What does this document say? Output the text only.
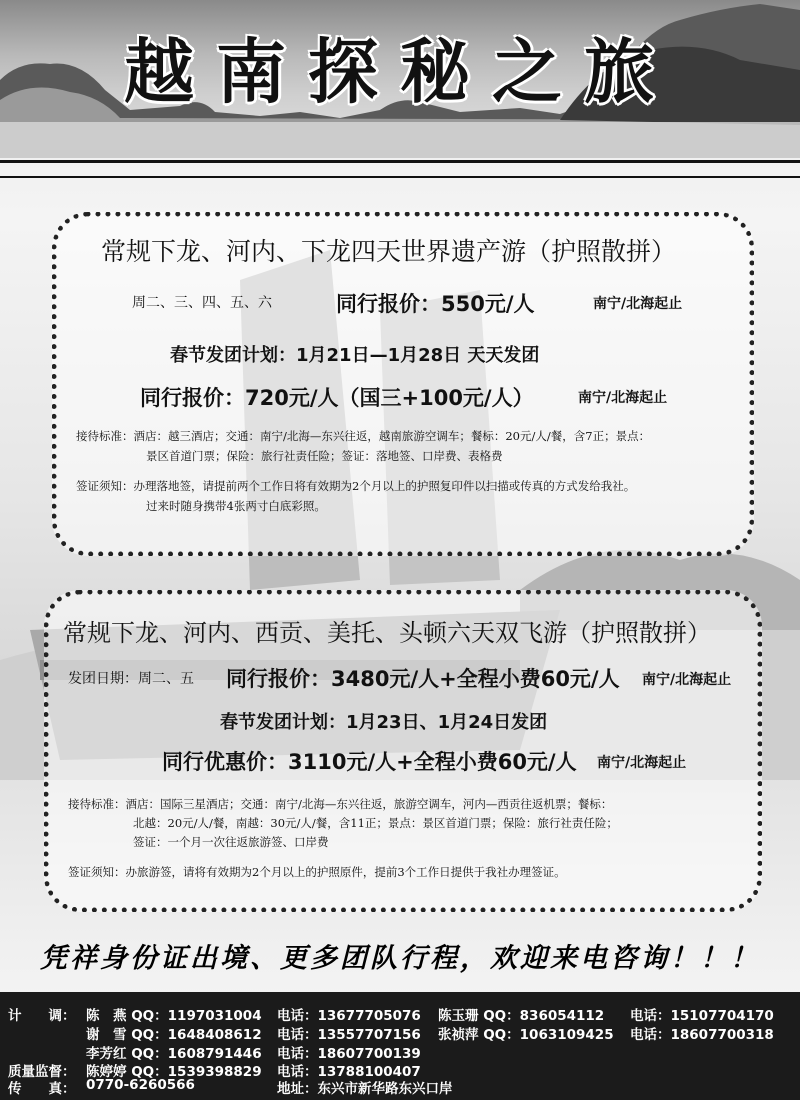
越南探秘之旅
常规下龙、河内、下龙四天世界遗产游（护照散拼）
周二、三、四、五、六	同行报价：550元/人	南宁/北海起止
春节发团计划：1月21日—1月28日 天天发团
同行报价：720元/人（国三+100元/人）	南宁/北海起止
接待标准：酒店：越三酒店；交通：南宁/北海—东兴往返，越南旅游空调车；餐标：20元/人/餐，含7正；景点：
景区首道门票；保险：旅行社责任险；签证：落地签、口岸费、表格费
签证须知：办理落地签，请提前两个工作日将有效期为2个月以上的护照复印件以扫描或传真的方式发给我社。
过来时随身携带4张两寸白底彩照。
常规下龙、河内、西贡、美托、头顿六天双飞游（护照散拼）
发团日期：周二、五 同行报价：3480元/人+全程小费60元/人 南宁/北海起止
春节发团计划：1月23日、1月24日发团
同行优惠价：3110元/人+全程小费60元/人 南宁/北海起止
接待标准：酒店：国际三星酒店；交通：南宁/北海—东兴往返，旅游空调车，河内—西贡往返机票；餐标：
北越：20元/人/餐，南越：30元/人/餐，含11正；景点：景区首道门票；保险：旅行社责任险；
签证：一个月一次往返旅游签、口岸费
签证须知：办旅游签，请将有效期为2个月以上的护照原件，提前3个工作日提供于我社办理签证。
凭祥身份证出境、更多团队行程，欢迎来电咨询！！！
计　　调： 陈　燕 QQ：1197031004 电话：13677705076 陈玉珊 QQ：836054112 电话：15107704170
谢　雪 QQ：1648408612 电话：13557707156 张祯萍 QQ：1063109425 电话：18607700318
李芳红 QQ：1608791446 电话：18607700139
质量监督： 陈婷婷 QQ：1539398829 电话：13788100407
传　　真： 0770-6260566	地址：东兴市新华路东兴口岸
